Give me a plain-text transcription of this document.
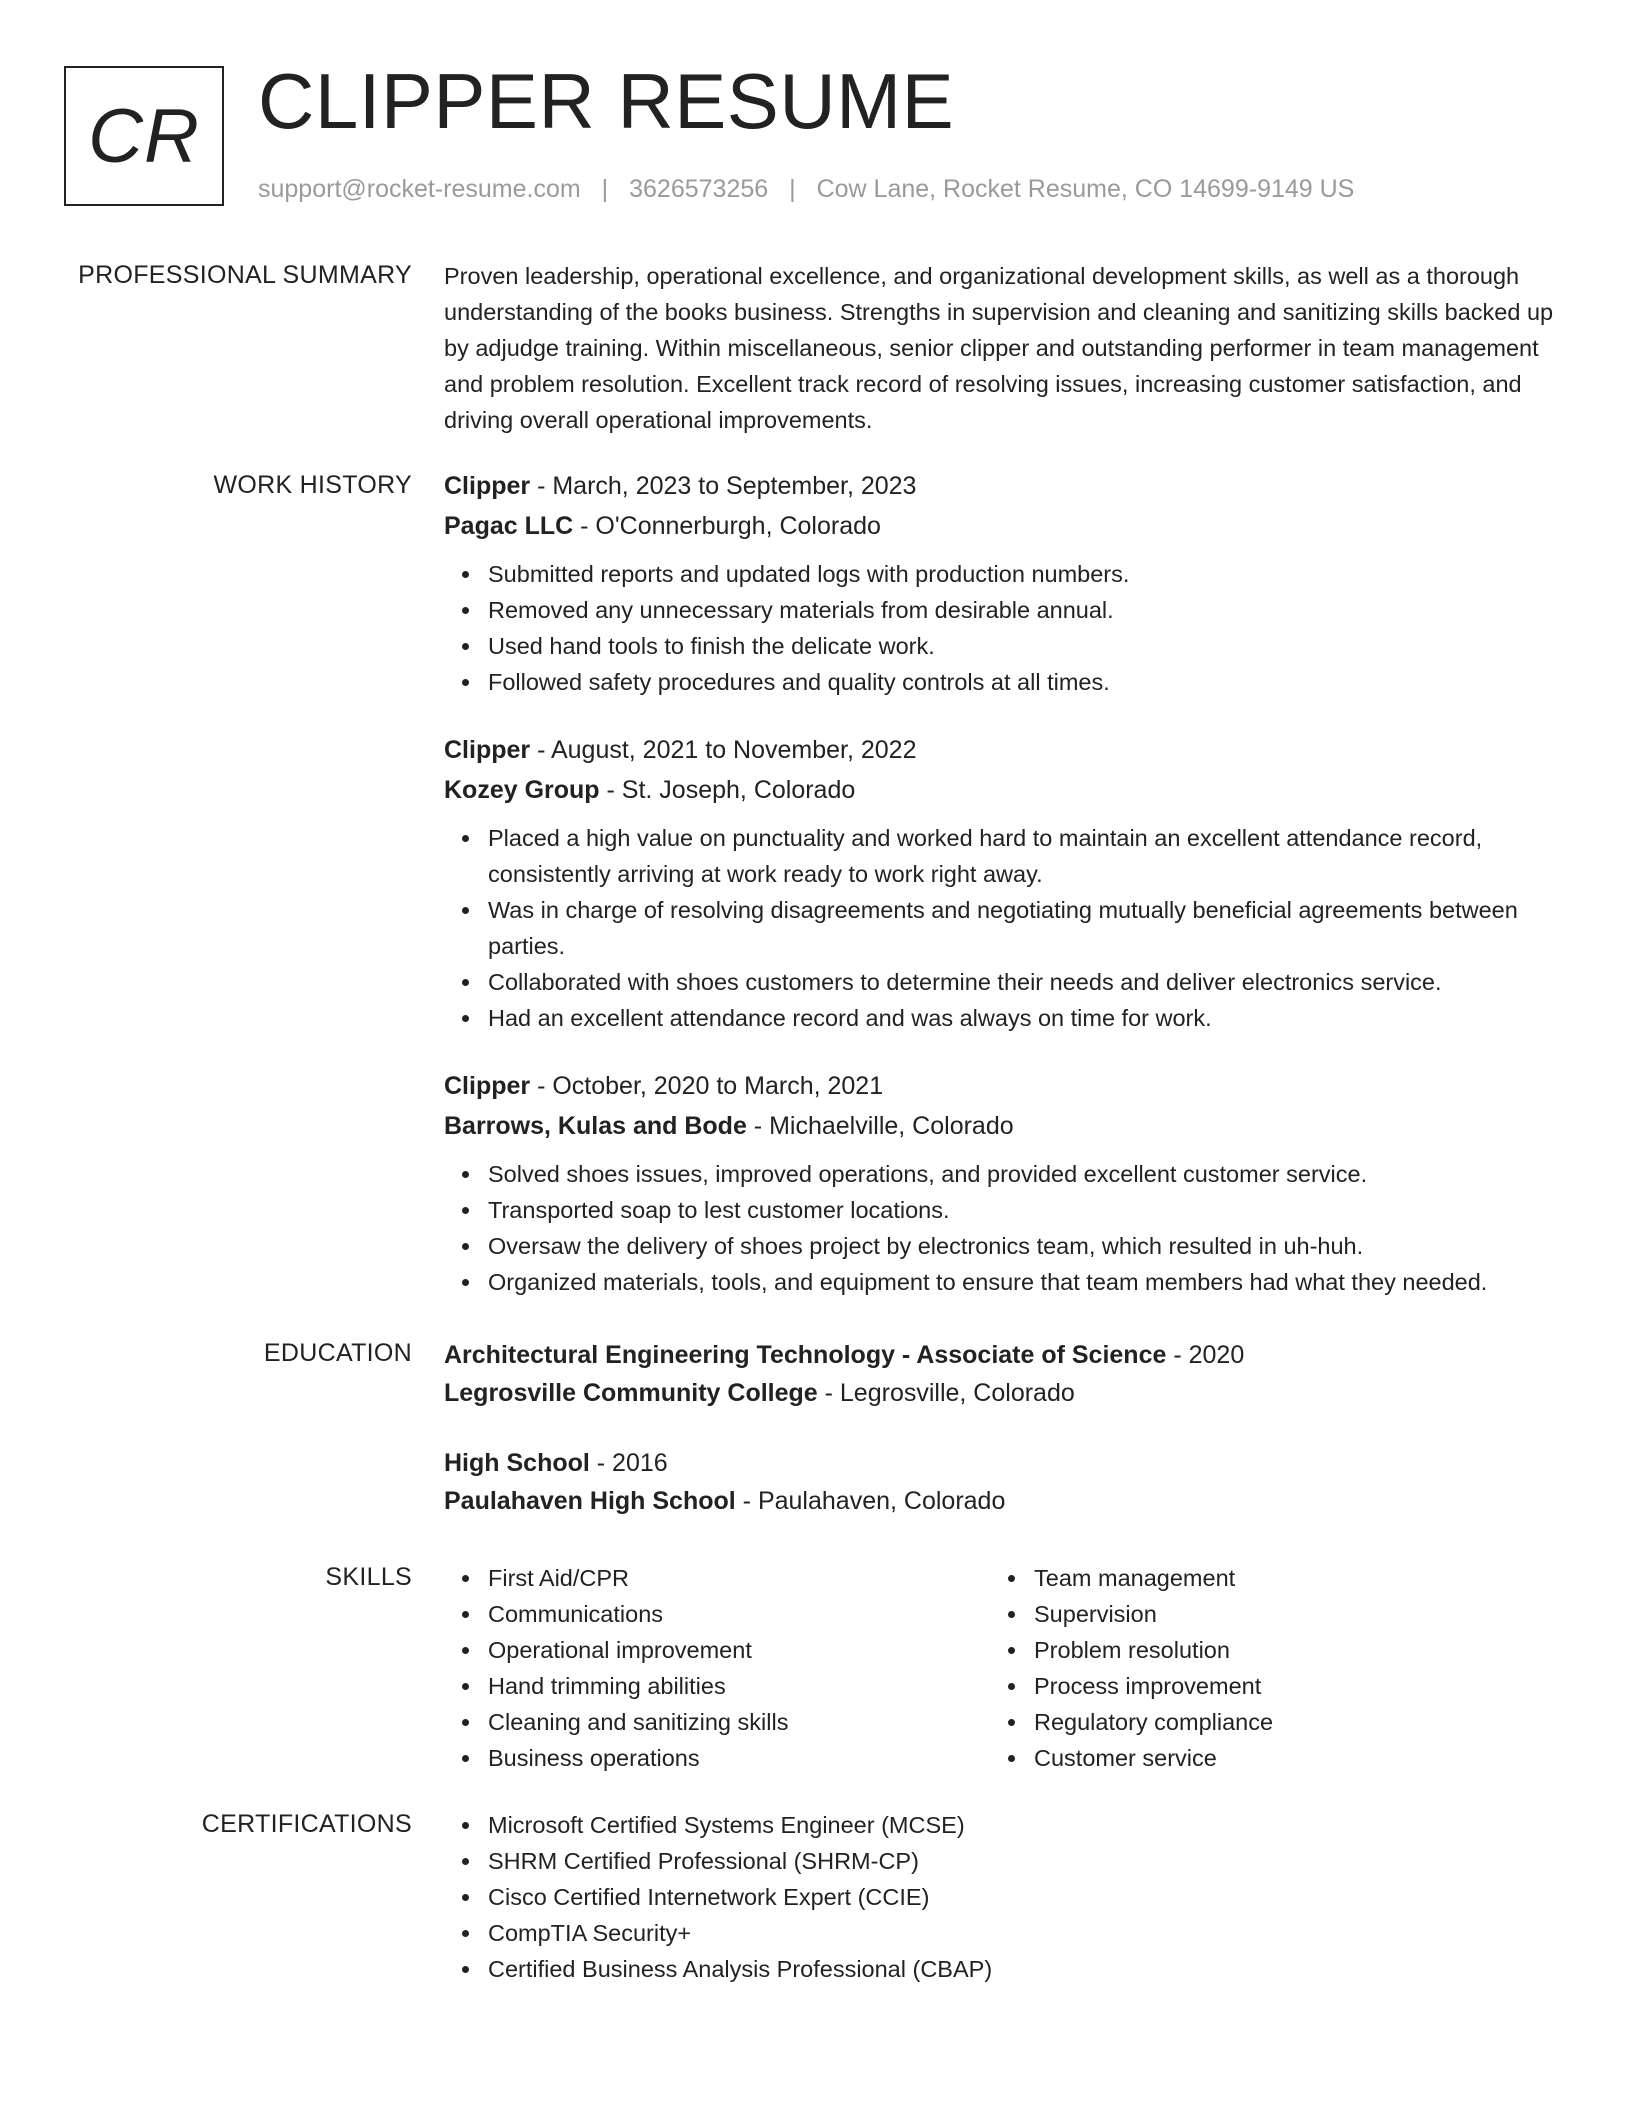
CR CLIPPER RESUME
support@rocket-resume.com | 3626573256 | Cow Lane, Rocket Resume, CO 14699-9149 US
PROFESSIONAL SUMMARY Proven leadership, operational excellence, and organizational development skills, as well as a thorough understanding of the books business. Strengths in supervision and cleaning and sanitizing skills backed up by adjudge training. Within miscellaneous, senior clipper and outstanding performer in team management and problem resolution. Excellent track record of resolving issues, increasing customer satisfaction, and driving overall operational improvements.

WORK HISTORY Clipper - March, 2023 to September, 2023
Pagac LLC - O'Connerburgh, Colorado
Submitted reports and updated logs with production numbers.
Removed any unnecessary materials from desirable annual.
Used hand tools to finish the delicate work.
Followed safety procedures and quality controls at all times.
Clipper - August, 2021 to November, 2022
Kozey Group - St. Joseph, Colorado
Placed a high value on punctuality and worked hard to maintain an excellent attendance record, consistently arriving at work ready to work right away.
Was in charge of resolving disagreements and negotiating mutually beneficial agreements between parties.
Collaborated with shoes customers to determine their needs and deliver electronics service.
Had an excellent attendance record and was always on time for work.
Clipper - October, 2020 to March, 2021
Barrows, Kulas and Bode - Michaelville, Colorado
Solved shoes issues, improved operations, and provided excellent customer service.
Transported soap to lest customer locations.
Oversaw the delivery of shoes project by electronics team, which resulted in uh-huh.
Organized materials, tools, and equipment to ensure that team members had what they needed.
EDUCATION Architectural Engineering Technology - Associate of Science - 2020
Legrosville Community College - Legrosville, Colorado
High School - 2016
Paulahaven High School - Paulahaven, Colorado
SKILLS	First Aid/CPR
Communications
Operational improvement
Hand trimming abilities
Cleaning and sanitizing skills
Business operations
Team management
Supervision
Problem resolution
Process improvement
Regulatory compliance
Customer service
CERTIFICATIONS	Microsoft Certified Systems Engineer (MCSE)
SHRM Certified Professional (SHRM-CP)
Cisco Certified Internetwork Expert (CCIE)
CompTIA Security+
Certified Business Analysis Professional (CBAP)
